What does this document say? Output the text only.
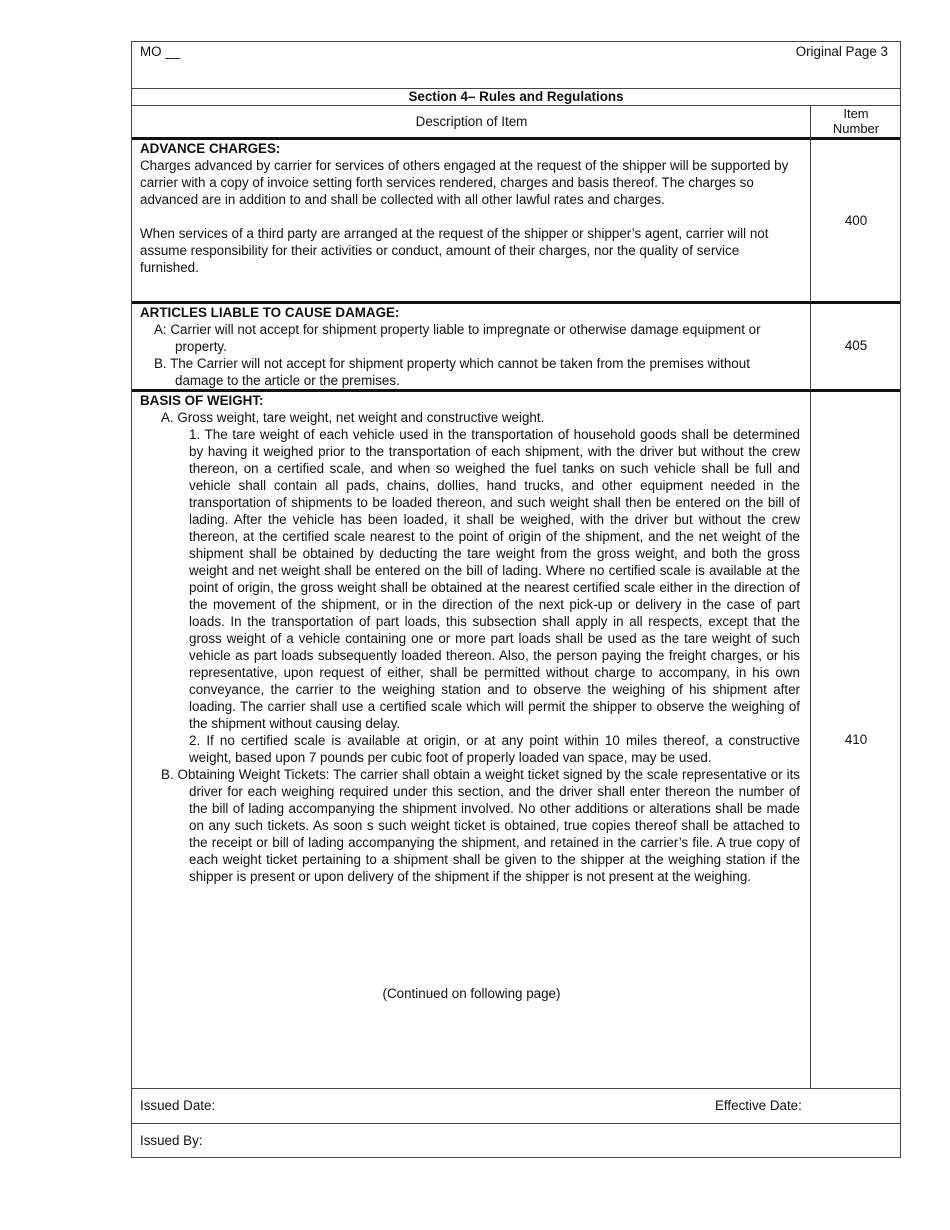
MO __	Original Page 3
Section 4– Rules and Regulations
Description of Item
Item
Number

ADVANCE CHARGES:

Charges advanced by carrier for services of others engaged at the request of the shipper will be supported by carrier with a copy of invoice setting forth services rendered, charges and basis thereof. The charges so advanced are in addition to and shall be collected with all other lawful rates and charges.

When services of a third party are arranged at the request of the shipper or shipper’s agent, carrier will not assume responsibility for their activities or conduct, amount of their charges, nor the quality of service furnished.

400

ARTICLES LIABLE TO CAUSE DAMAGE:

A: Carrier will not accept for shipment property liable to impregnate or otherwise damage equipment or property.

B. The Carrier will not accept for shipment property which cannot be taken from the premises without damage to the article or the premises.

405

BASIS OF WEIGHT:

A. Gross weight, tare weight, net weight and constructive weight.

1. The tare weight of each vehicle used in the transportation of household goods shall be determined by having it weighed prior to the transportation of each shipment, with the driver but without the crew thereon, on a certified scale, and when so weighed the fuel tanks on such vehicle shall be full and vehicle shall contain all pads, chains, dollies, hand trucks, and other equipment needed in the transportation of shipments to be loaded thereon, and such weight shall then be entered on the bill of lading. After the vehicle has been loaded, it shall be weighed, with the driver but without the crew thereon, at the certified scale nearest to the point of origin of the shipment, and the net weight of the shipment shall be obtained by deducting the tare weight from the gross weight, and both the gross weight and net weight shall be entered on the bill of lading. Where no certified scale is available at the point of origin, the gross weight shall be obtained at the nearest certified scale either in the direction of the movement of the shipment, or in the direction of the next pick-up or delivery in the case of part loads. In the transportation of part loads, this subsection shall apply in all respects, except that the gross weight of a vehicle containing one or more part loads shall be used as the tare weight of such vehicle as part loads subsequently loaded thereon. Also, the person paying the freight charges, or his representative, upon request of either, shall be permitted without charge to accompany, in his own conveyance, the carrier to the weighing station and to observe the weighing of his shipment after loading. The carrier shall use a certified scale which will permit the shipper to observe the weighing of the shipment without causing delay.

2. If no certified scale is available at origin, or at any point within 10 miles thereof, a constructive weight, based upon 7 pounds per cubic foot of properly loaded van space, may be used.

B. Obtaining Weight Tickets: The carrier shall obtain a weight ticket signed by the scale representative or its driver for each weighing required under this section, and the driver shall enter thereon the number of the bill of lading accompanying the shipment involved. No other additions or alterations shall be made on any such tickets. As soon s such weight ticket is obtained, true copies thereof shall be attached to the receipt or bill of lading accompanying the shipment, and retained in the carrier’s file. A true copy of each weight ticket pertaining to a shipment shall be given to the shipper at the weighing station if the shipper is present or upon delivery of the shipment if the shipper is not present at the weighing.

410
(Continued on following page)
Issued Date:	Effective Date:
Issued By:
